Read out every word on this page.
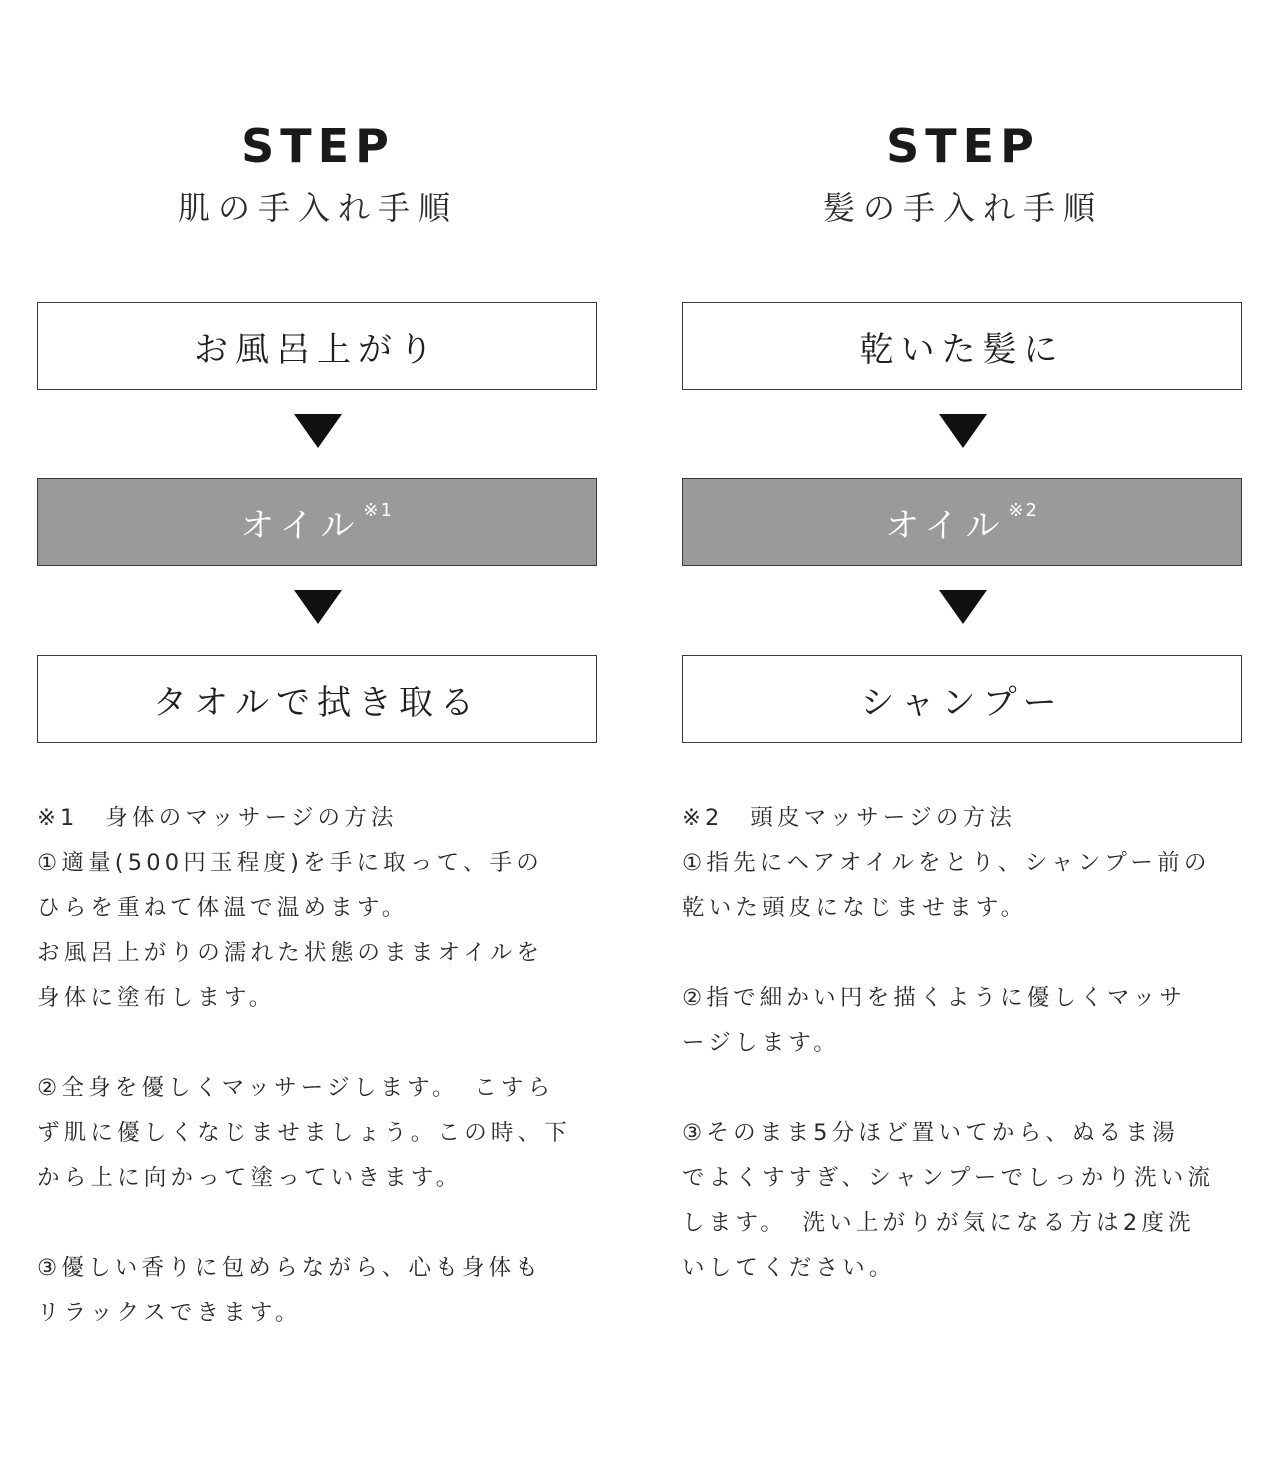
STEP
肌の手入れ手順
お風呂上がり
オイル$^{※1}$
タオルで拭き取る

※1　身体のマッサージの方法

①適量(500円玉程度)を手に取って、手の

ひらを重ねて体温で温めます。

お風呂上がりの濡れた状態のままオイルを

身体に塗布します。

②全身を優しくマッサージします。　こすら

ず肌に優しくなじませましょう。この時、下

から上に向かって塗っていきます。

③優しい香りに包めらながら、心も身体も

リラックスできます。

STEP
髪の手入れ手順
乾いた髪に
オイル$^{※2}$
シャンプー

※2　頭皮マッサージの方法

①指先にヘアオイルをとり、シャンプー前の

乾いた頭皮になじませます。

②指で細かい円を描くように優しくマッサ

ージします。

③そのまま5分ほど置いてから、ぬるま湯

でよくすすぎ、シャンプーでしっかり洗い流

します。　洗い上がりが気になる方は2度洗

いしてください。
